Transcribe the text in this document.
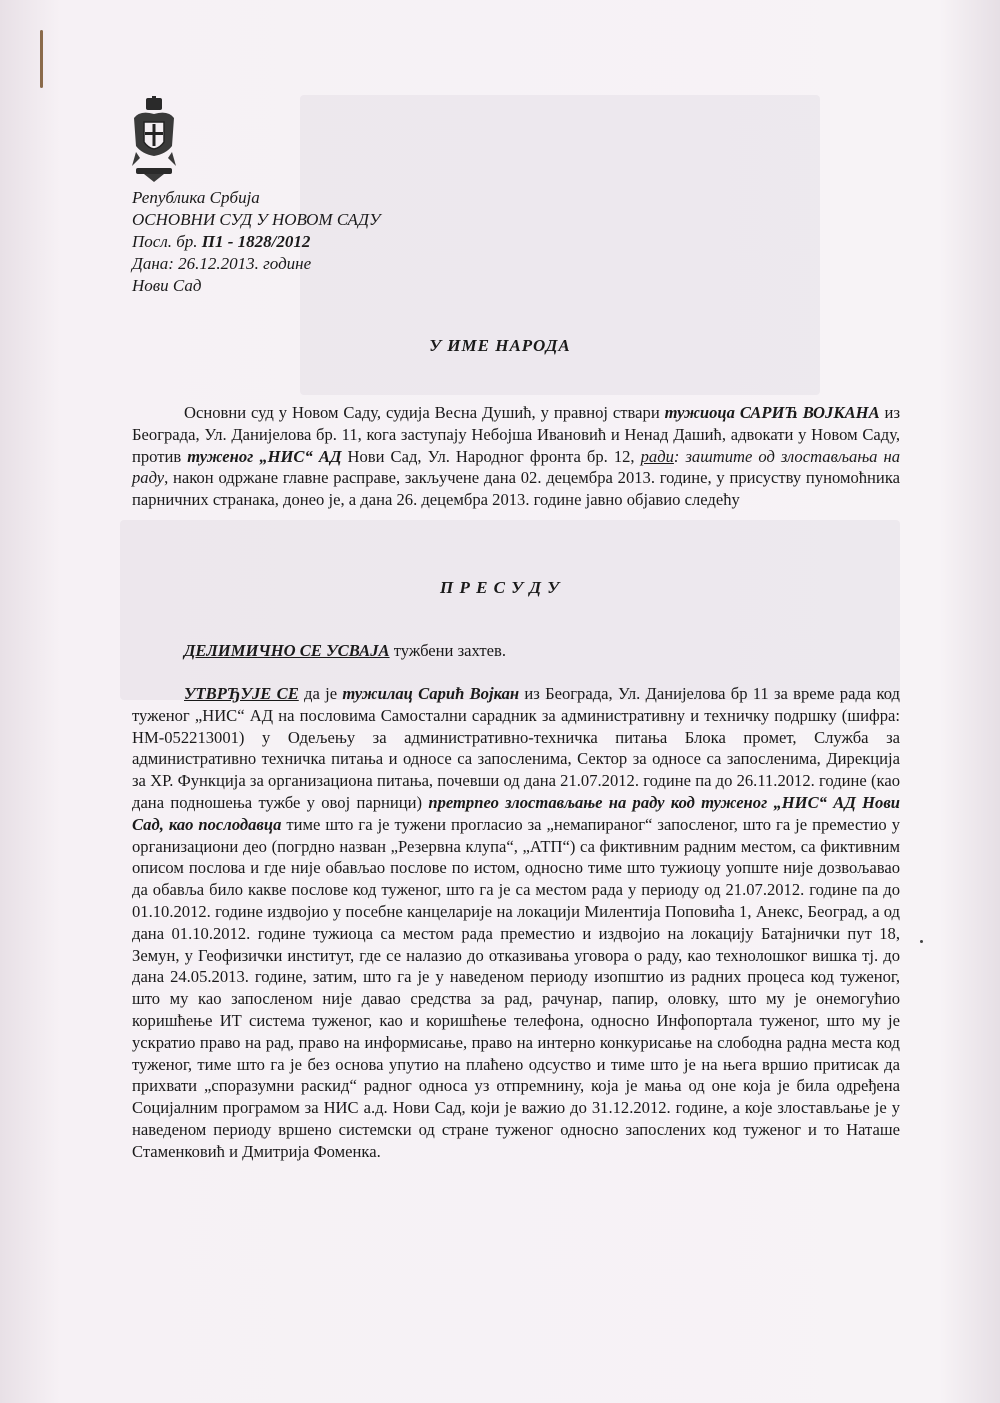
Република Србија
ОСНОВНИ СУД У НОВОМ САДУ
Посл. бр. П1 - 1828/2012
Дана: 26.12.2013. године
Нови Сад
У ИМЕ НАРОДА

Основни суд у Новом Саду, судија Весна Душић, у правној ствари тужиоца САРИЋ ВОЈКАНА из Београда, Ул. Данијелова бр. 11, кога заступају Небојша Ивановић и Ненад Дашић, адвокати у Новом Саду, против туженог „НИС“ АД Нови Сад, Ул. Народног фронта бр. 12, ради: заштите од злостављања на раду, након одржане главне расправе, закључене дана 02. децембра 2013. године, у присуству пуномоћника парничних странака, донео је, а дана 26. децембра 2013. године јавно објавио следећу

П Р Е С У Д У

ДЕЛИМИЧНО СЕ УСВАЈА тужбени захтев.

УТВРЂУЈЕ СЕ да је тужилац Сарић Војкан из Београда, Ул. Данијелова бр 11 за време рада код туженог „НИС“ АД на пословима Самостални сарадник за административну и техничку подршку (шифра: НМ-052213001) у Одељењу за административно-техничка питања Блока промет, Служба за административно техничка питања и односе са запосленима, Сектор за односе са запосленима, Дирекција за ХР. Функција за организациона питања, почевши од дана 21.07.2012. године па до 26.11.2012. године (као дана подношења тужбе у овој парници) претрпео злостављање на раду код туженог „НИС“ АД Нови Сад, као послодавца тиме што га је тужени прогласио за „немапираног“ запосленог, што га је преместио у организациони део (погрдно назван „Резервна клупа“, „АТП“) са фиктивним радним местом, са фиктивним описом послова и где није обављао послове по истом, односно тиме што тужиоцу уопште није дозвољавао да обавља било какве послове код туженог, што га је са местом рада у периоду од 21.07.2012. године па до 01.10.2012. године издвојио у посебне канцеларије на локацији Милентија Поповића 1, Анекс, Београд, а од дана 01.10.2012. године тужиоца са местом рада преместио и издвојио на локацију Батајнички пут 18, Земун, у Геофизички институт, где се налазио до отказивања уговора о раду, као технолошког вишка тј. до дана 24.05.2013. године, затим, што га је у наведеном периоду изопштио из радних процеса код туженог, што му као запосленом није давао средства за рад, рачунар, папир, оловку, што му је онемогућио коришћење ИТ система туженог, као и коришћење телефона, односно Инфопортала туженог, што му је ускратио право на рад, право на информисање, право на интерно конкурисање на слободна радна места код туженог, тиме што га је без основа упутио на плаћено одсуство и тиме што је на њега вршио притисак да прихвати „споразумни раскид“ радног односа уз отпремнину, која је мања од оне која је била одређена Социјалним програмом за НИС а.д. Нови Сад, који је важио до 31.12.2012. године, а које злостављање је у наведеном периоду вршено системски од стране туженог односно запослених код туженог и то Наташе Стаменковић и Дмитрија Фоменка.
